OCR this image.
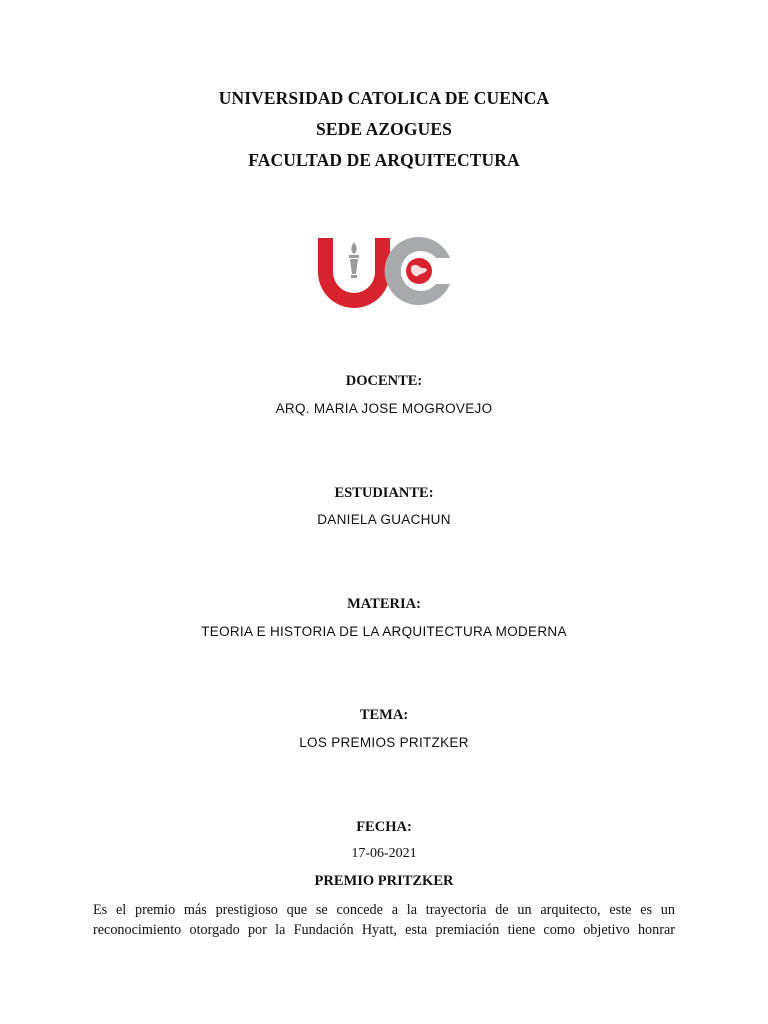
UNIVERSIDAD CATOLICA DE CUENCA
SEDE AZOGUES
FACULTAD DE ARQUITECTURA
DOCENTE:
ARQ. MARIA JOSE MOGROVEJO
ESTUDIANTE:
DANIELA GUACHUN
MATERIA:
TEORIA E HISTORIA DE LA ARQUITECTURA MODERNA
TEMA:
LOS PREMIOS PRITZKER
FECHA:
17-06-2021
PREMIO PRITZKER
Es el premio más prestigioso que se concede a la trayectoria de un arquitecto, este es un
reconocimiento otorgado por la Fundación Hyatt, esta premiación tiene como objetivo honrar
